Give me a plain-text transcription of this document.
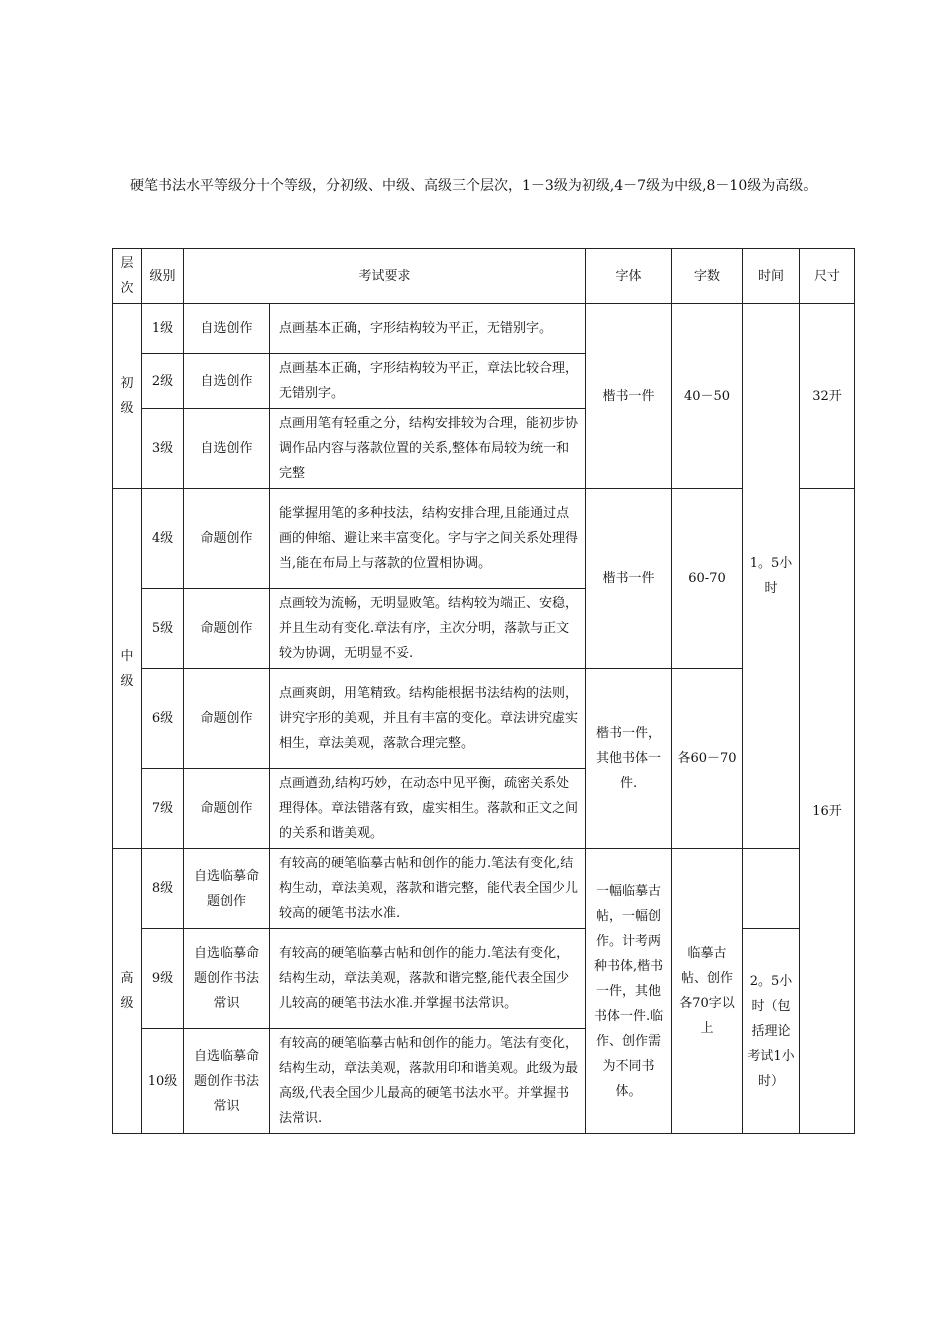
硬笔书法水平等级分十个等级，分初级、中级、高级三个层次，1－3级为初级,4－7级为中级,8－10级为高级。

层次	级别	考试要求		字体	字数	时间	尺寸
初级	1级	自选创作	点画基本正确，字形结构较为平正，无错别字。	楷书一件	40－50	1。5小时	32开
	2级	自选创作	点画基本正确，字形结构较为平正，章法比较合理，无错别字。				
	3级	自选创作	点画用笔有轻重之分，结构安排较为合理，能初步协调作品内容与落款位置的关系,整体布局较为统一和完整				
中级	4级	命题创作	能掌握用笔的多种技法，结构安排合理,且能通过点画的伸缩、避让来丰富变化。字与字之间关系处理得当,能在布局上与落款的位置相协调。	楷书一件	60-70		16开
	5级	命题创作	点画较为流畅，无明显败笔。结构较为端正、安稳，并且生动有变化.章法有序，主次分明，落款与正文较为协调，无明显不妥.				
	6级	命题创作	点画爽朗，用笔精致。结构能根据书法结构的法则，讲究字形的美观，并且有丰富的变化。章法讲究虚实相生，章法美观，落款合理完整。	楷书一件，其他书体一件.	各60－70		
	7级	命题创作	点画遒劲,结构巧妙，在动态中见平衡，疏密关系处理得体。章法错落有致，虚实相生。落款和正文之间的关系和谐美观。				
高级	8级	自选临摹命题创作	有较高的硬笔临摹古帖和创作的能力.笔法有变化,结构生动，章法美观，落款和谐完整，能代表全国少儿较高的硬笔书法水准.	一幅临摹古帖，一幅创作。计考两种书体,楷书一件，其他书体一件.临作、创作需为不同书体。	临摹古帖、创作各70字以上		
	9级	自选临摹命题创作书法常识	有较高的硬笔临摹古帖和创作的能力.笔法有变化，结构生动，章法美观，落款和谐完整,能代表全国少儿较高的硬笔书法水准.并掌握书法常识。			2。5小时（包括理论考试1小时）	
	10级	自选临摹命题创作书法常识	有较高的硬笔临摹古帖和创作的能力。笔法有变化，结构生动，章法美观，落款用印和谐美观。此级为最高级,代表全国少儿最高的硬笔书法水平。并掌握书法常识.				
